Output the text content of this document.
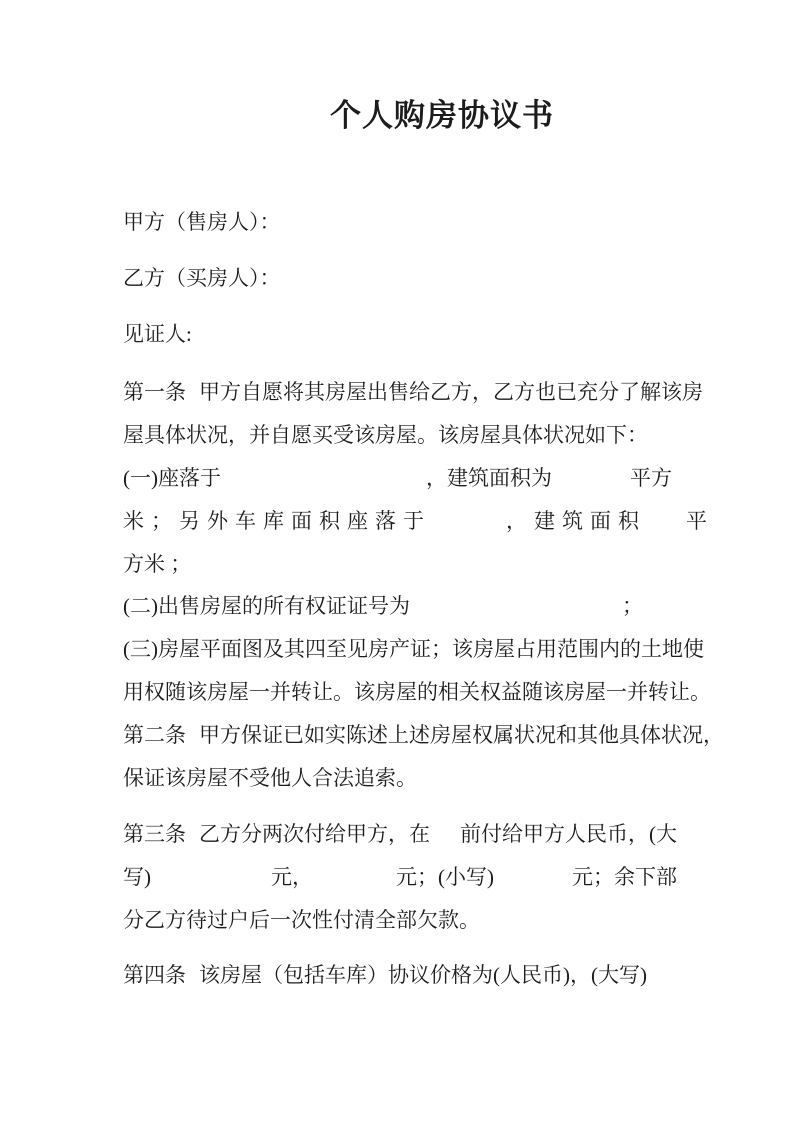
个人购房协议书
甲方（售房人）：
乙方（买房人）：
见证人:
第一条 甲方自愿将其房屋出售给乙方，乙方也已充分了解该房
屋具体状况，并自愿买受该房屋。该房屋具体状况如下：
(一)座落于	，建筑面积为	平方
米；另外车库面积座落于	，建筑面积 平
方米 ；
(二)出售房屋的所有权证证号为	；
(三)房屋平面图及其四至见房产证；该房屋占用范围内的土地使
用权随该房屋一并转让。该房屋的相关权益随该房屋一并转让。
第二条 甲方保证已如实陈述上述房屋权属状况和其他具体状况，
保证该房屋不受他人合法追索。
第三条 乙方分两次付给甲方，在 前付给甲方人民币，(大
写)	元，	元；(小写)	元；余下部
分乙方待过户后一次性付清全部欠款。
第四条 该房屋（包括车库）协议价格为(人民币)，(大写)
